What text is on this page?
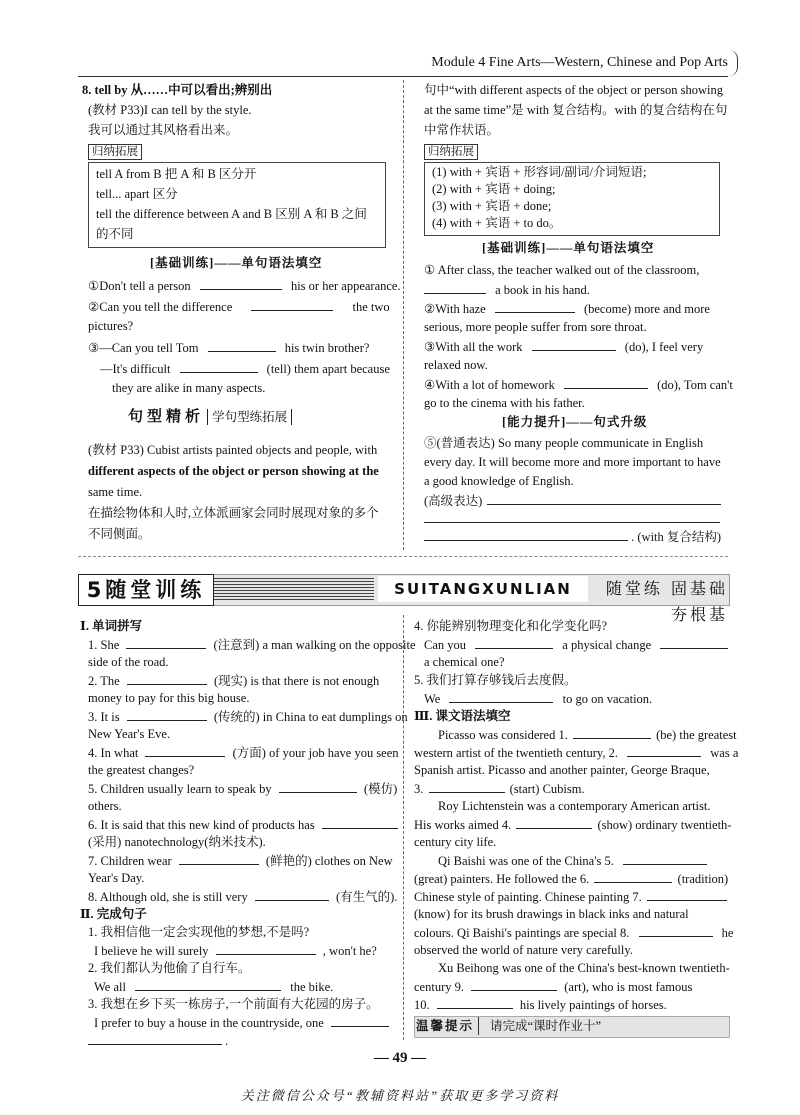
Module 4 Fine Arts—Western, Chinese and Pop Arts
8. tell by 从……中可以看出;辨别出
(教材 P33)I can tell by the style.
我可以通过其风格看出来。
归纳拓展
tell A from B 把 A 和 B 区分开
tell... apart 区分
tell the difference between A and B 区别 A 和 B 之间
的不同
[基础训练]——单句语法填空
①Don't tell a person	his or her appearance.
②Can you tell the difference	the two
pictures?
③—Can you tell Tom	his twin brother?
—It's difficult	(tell) them apart because
they are alike in many aspects.
句型精析 学句型练拓展
(教材 P33) Cubist artists painted objects and people, with
different aspects of the object or person showing at the
same time.
在描绘物体和人时,立体派画家会同时展现对象的多个
不同侧面。
句中“with different aspects of the object or person showing
at the same time”是 with 复合结构。with 的复合结构在句
中常作状语。
归纳拓展
(1) with + 宾语 + 形容词/副词/介词短语;
(2) with + 宾语 + doing;
(3) with + 宾语 + done;
(4) with + 宾语 + to do。
[基础训练]——单句语法填空
① After class, the teacher walked out of the classroom,
a book in his hand.
②With haze	(become) more and more
serious, more people suffer from sore throat.
③With all the work	(do), I feel very
relaxed now.
④With a lot of homework	(do), Tom can't
go to the cinema with his father.
[能力提升]——句式升级
⑤(普通表达) So many people communicate in English
every day. It will become more and more important to have
a good knowledge of English.
(高级表达)
. (with 复合结构)
5随堂训练	SUITANGXUNLIAN	随堂练 固基础 夯根基
Ⅰ. 单词拼写
1. She	(注意到) a man walking on the opposite
side of the road.
2. The	(现实) is that there is not enough
money to pay for this big house.
3. It is	(传统的) in China to eat dumplings on
New Year's Eve.
4. In what	(方面) of your job have you seen
the greatest changes?
5. Children usually learn to speak by	(模仿)
others.
6. It is said that this new kind of products has
(采用) nanotechnology(纳米技术).
7. Children wear	(鲜艳的) clothes on New
Year's Day.
8. Although old, she is still very	(有生气的).
Ⅱ. 完成句子
1. 我相信他一定会实现他的梦想,不是吗?
I believe he will surely	, won't he?
2. 我们都认为他偷了自行车。
We all	the bike.
3. 我想在乡下买一栋房子,一个前面有大花园的房子。
I prefer to buy a house in the countryside, one
.
4. 你能辨别物理变化和化学变化吗?
Can you	a physical change
a chemical one?
5. 我们打算存够钱后去度假。
We	to go on vacation.
Ⅲ. 课文语法填空
Picasso was considered 1.	(be) the greatest
western artist of the twentieth century, 2.	was a
Spanish artist. Picasso and another painter, George Braque,
3.	(start) Cubism.
Roy Lichtenstein was a contemporary American artist.
His works aimed 4.	(show) ordinary twentieth-
century city life.
Qi Baishi was one of the China's 5.
(great) painters. He followed the 6.	(tradition)
Chinese style of painting. Chinese painting 7.
(know) for its brush drawings in black inks and natural
colours. Qi Baishi's paintings are special 8.	he
observed the world of nature very carefully.
Xu Beihong was one of the China's best-known twentieth-
century 9.	(art), who is most famous
10.	his lively paintings of horses.
温馨提示	请完成“课时作业十”
— 49 —
关注微信公众号“教辅资料站”获取更多学习资料
